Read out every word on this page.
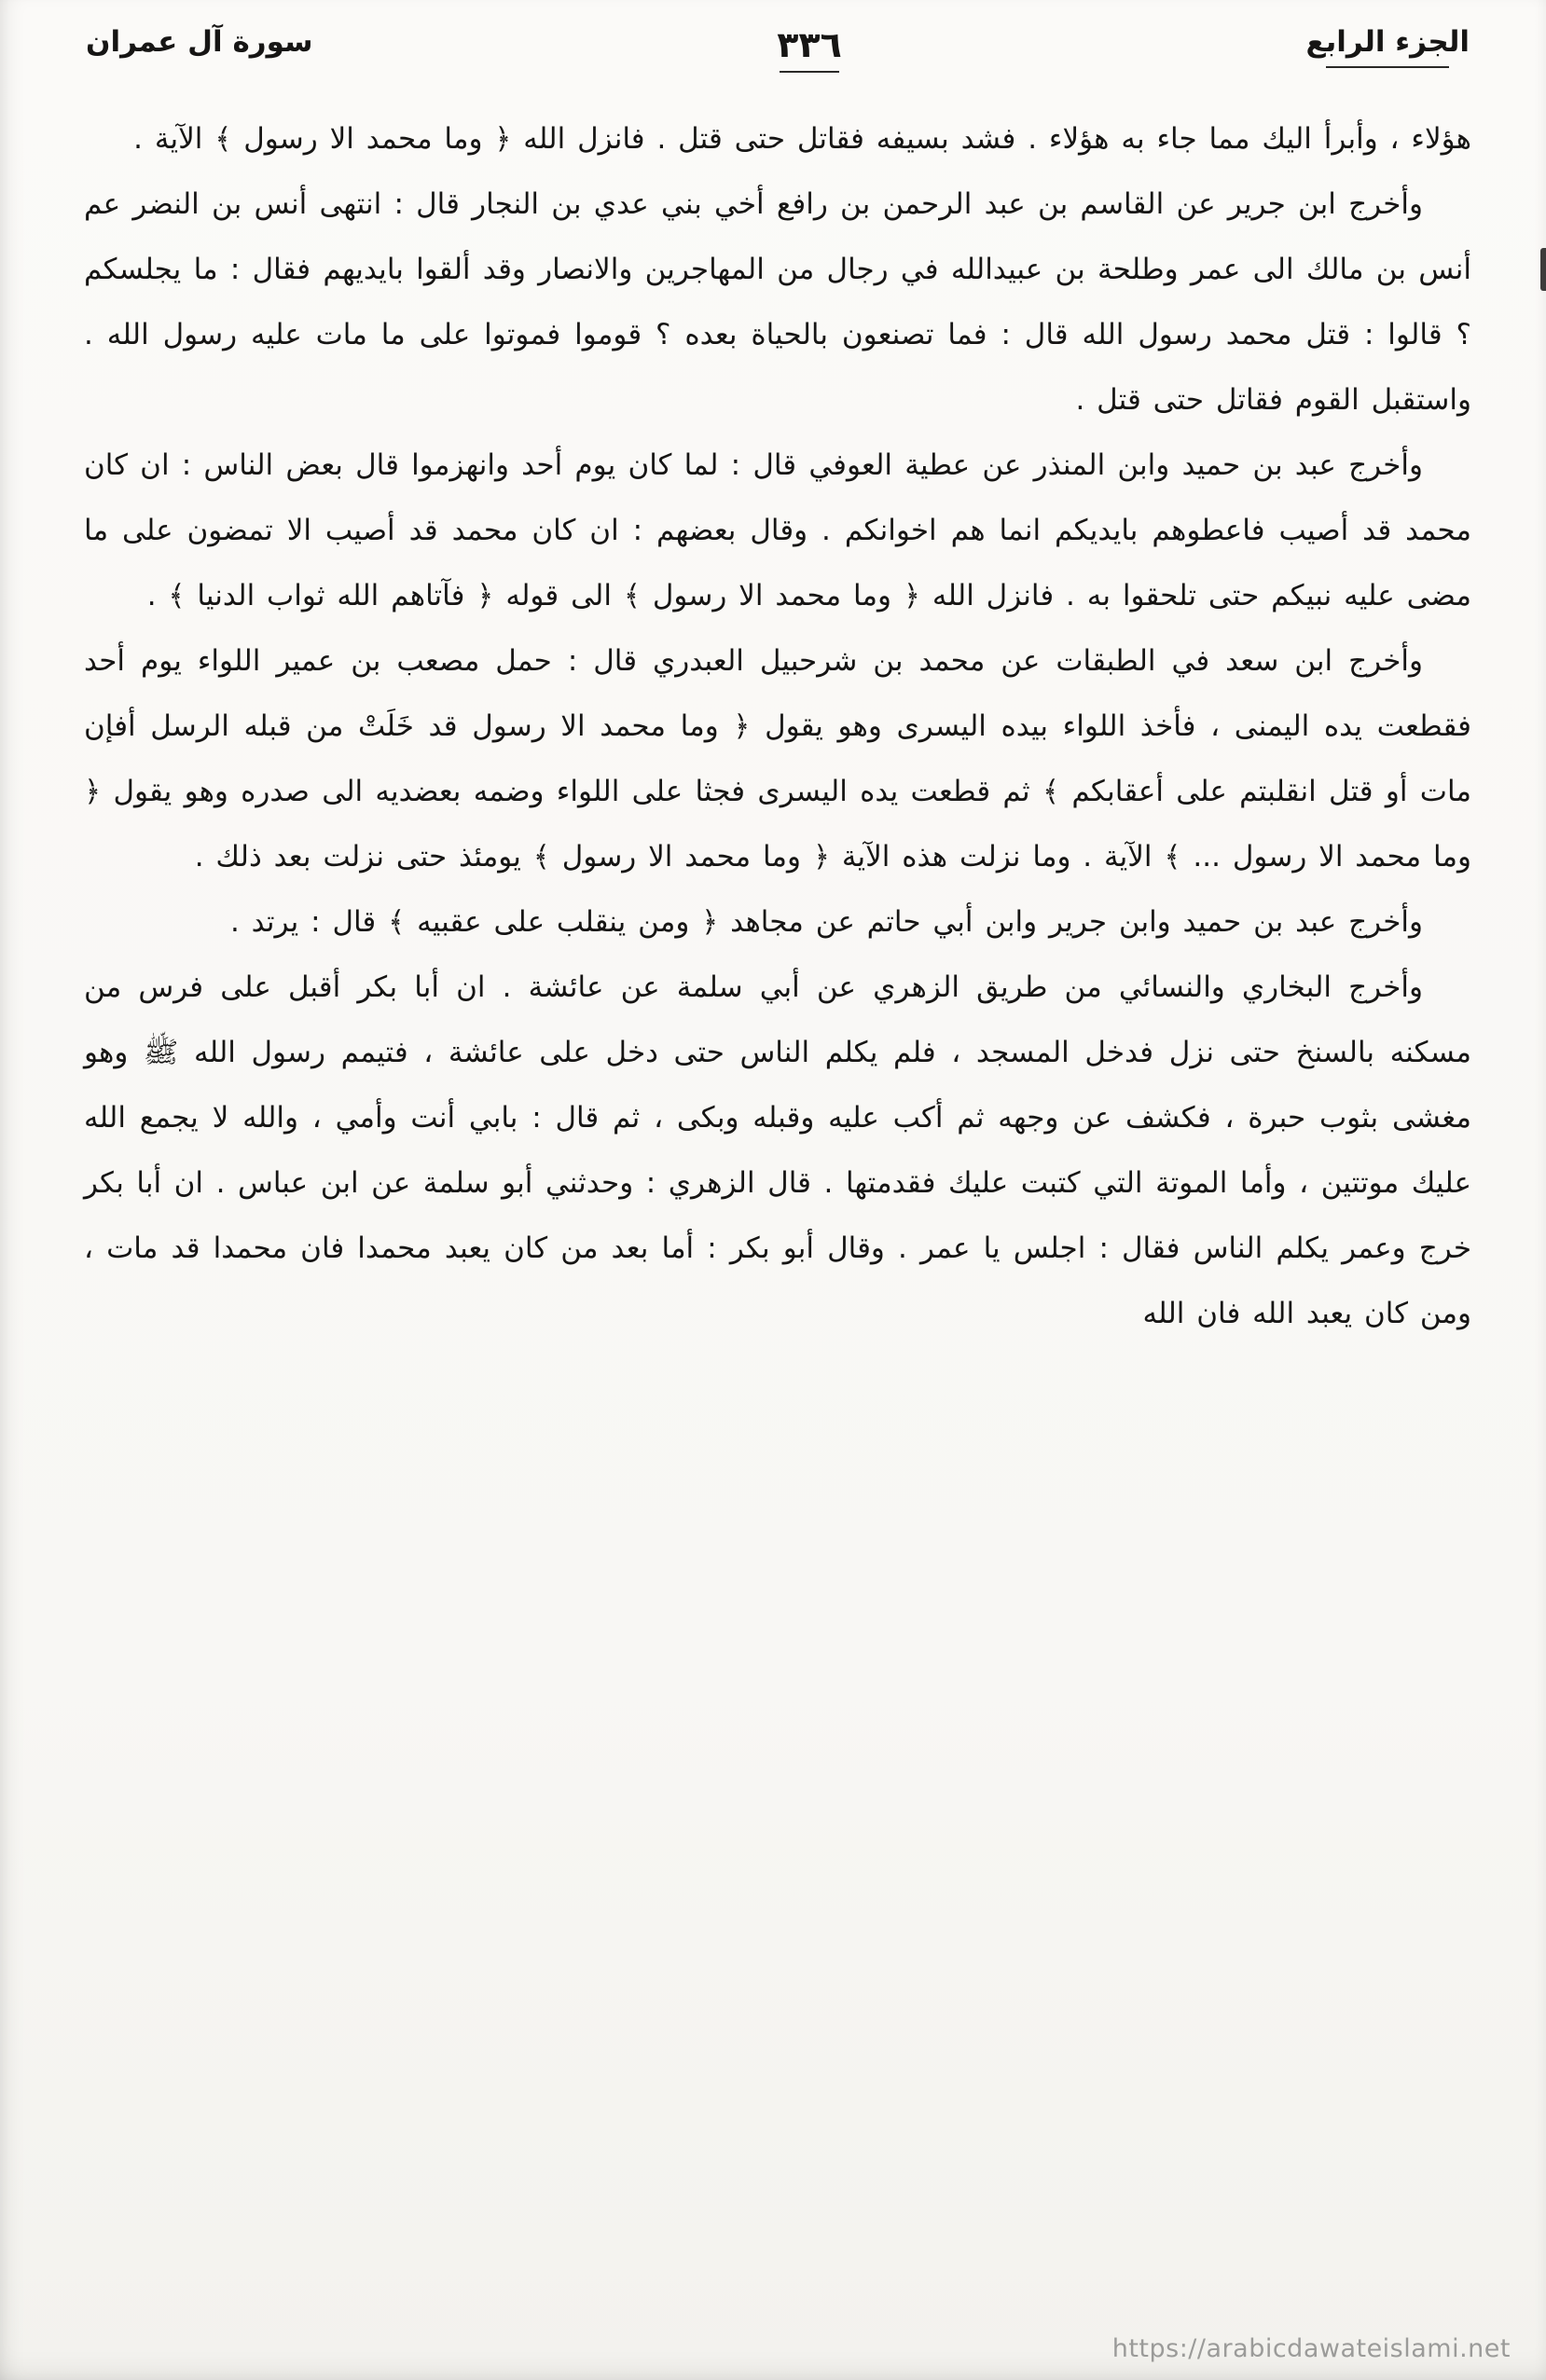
الجزء الرابع
٣٣٦
سورة آل عمران

هؤلاء ، وأبرأ اليك مما جاء به هؤلاء . فشد بسيفه فقاتل حتى قتل . فانزل الله ﴿ وما محمد الا رسول ﴾ الآية .

وأخرج ابن جرير عن القاسم بن عبد الرحمن بن رافع أخي بني عدي بن النجار قال : انتهى أنس بن النضر عم أنس بن مالك الى عمر وطلحة بن عبيدالله في رجال من المهاجرين والانصار وقد ألقوا بايديهم فقال : ما يجلسكم ؟ قالوا : قتل محمد رسول الله قال : فما تصنعون بالحياة بعده ؟ قوموا فموتوا على ما مات عليه رسول الله . واستقبل القوم فقاتل حتى قتل .

وأخرج عبد بن حميد وابن المنذر عن عطية العوفي قال : لما كان يوم أحد وانهزموا قال بعض الناس : ان كان محمد قد أصيب فاعطوهم بايديكم انما هم اخوانكم . وقال بعضهم : ان كان محمد قد أصيب الا تمضون على ما مضى عليه نبيكم حتى تلحقوا به . فانزل الله ﴿ وما محمد الا رسول ﴾ الى قوله ﴿ فآتاهم الله ثواب الدنيا ﴾ .

وأخرج ابن سعد في الطبقات عن محمد بن شرحبيل العبدري قال : حمل مصعب بن عمير اللواء يوم أحد فقطعت يده اليمنى ، فأخذ اللواء بيده اليسرى وهو يقول ﴿ وما محمد الا رسول قد خَلَتْ من قبله الرسل أفإن مات أو قتل انقلبتم على أعقابكم ﴾ ثم قطعت يده اليسرى فجثا على اللواء وضمه بعضديه الى صدره وهو يقول ﴿ وما محمد الا رسول ... ﴾ الآية . وما نزلت هذه الآية ﴿ وما محمد الا رسول ﴾ يومئذ حتى نزلت بعد ذلك .

وأخرج عبد بن حميد وابن جرير وابن أبي حاتم عن مجاهد ﴿ ومن ينقلب على عقبيه ﴾ قال : يرتد .

وأخرج البخاري والنسائي من طريق الزهري عن أبي سلمة عن عائشة . ان أبا بكر أقبل على فرس من مسكنه بالسنخ حتى نزل فدخل المسجد ، فلم يكلم الناس حتى دخل على عائشة ، فتيمم رسول الله ﷺ وهو مغشى بثوب حبرة ، فكشف عن وجهه ثم أكب عليه وقبله وبكى ، ثم قال : بابي أنت وأمي ، والله لا يجمع الله عليك موتتين ، وأما الموتة التي كتبت عليك فقدمتها . قال الزهري : وحدثني أبو سلمة عن ابن عباس . ان أبا بكر خرج وعمر يكلم الناس فقال : اجلس يا عمر . وقال أبو بكر : أما بعد من كان يعبد محمدا فان محمدا قد مات ، ومن كان يعبد الله فان الله

https://arabicdawateislami.net
